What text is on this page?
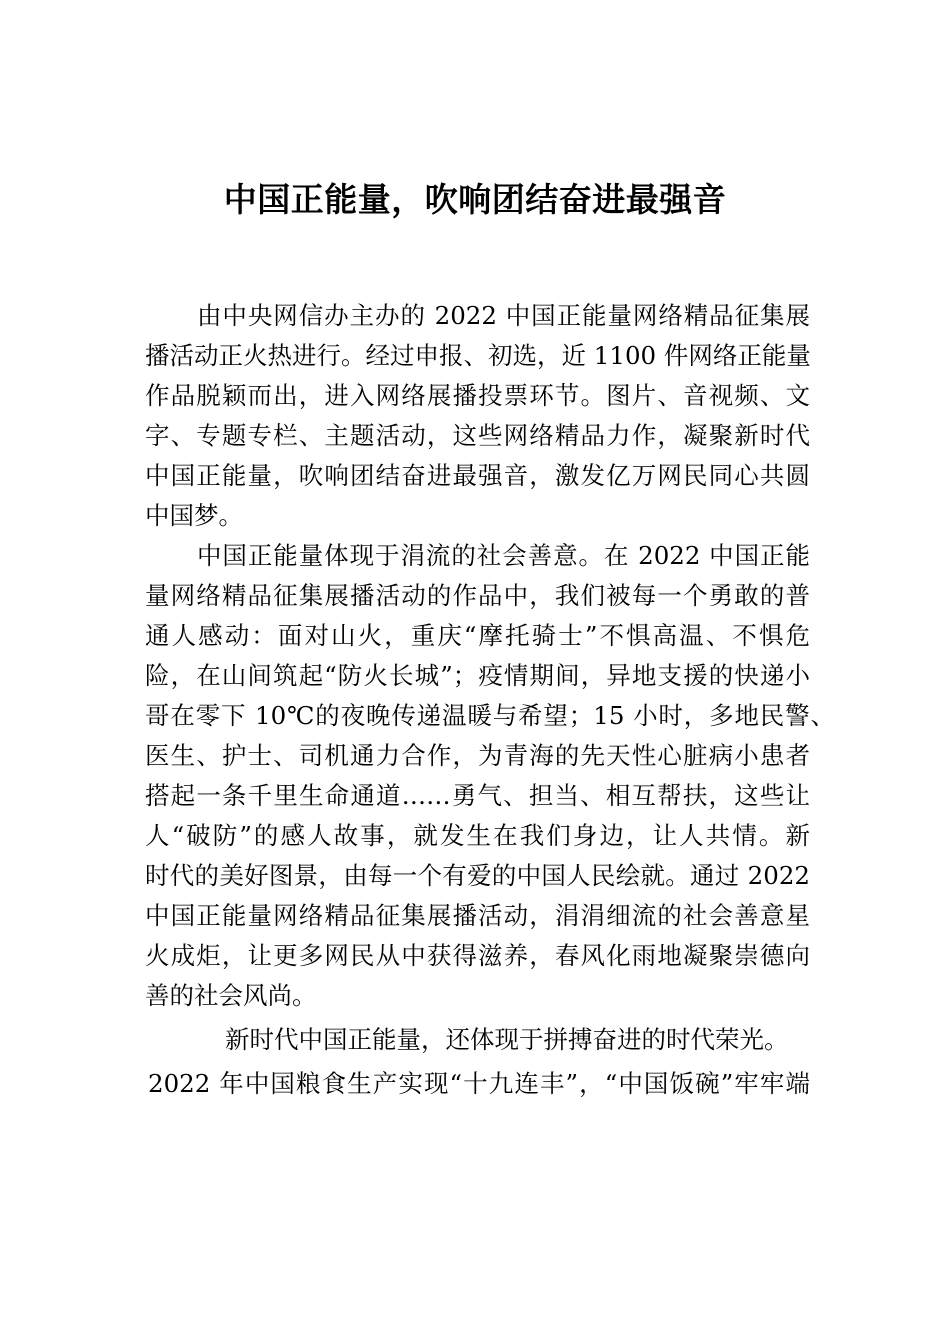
中国正能量，吹响团结奋进最强音
由中央网信办主办的 2022 中国正能量网络精品征集展
播活动正火热进行。经过申报、初选，近 1100 件网络正能量
作品脱颖而出，进入网络展播投票环节。图片、音视频、文
字、专题专栏、主题活动，这些网络精品力作，凝聚新时代
中国正能量，吹响团结奋进最强音，激发亿万网民同心共圆
中国梦。
中国正能量体现于涓流的社会善意。在 2022 中国正能
量网络精品征集展播活动的作品中，我们被每一个勇敢的普
通人感动：面对山火，重庆“摩托骑士”不惧高温、不惧危
险，在山间筑起“防火长城”；疫情期间，异地支援的快递小
哥在零下 10℃的夜晚传递温暖与希望；15 小时，多地民警、
医生、护士、司机通力合作，为青海的先天性心脏病小患者
搭起一条千里生命通道……勇气、担当、相互帮扶，这些让
人“破防”的感人故事，就发生在我们身边，让人共情。新
时代的美好图景，由每一个有爱的中国人民绘就。通过 2022
中国正能量网络精品征集展播活动，涓涓细流的社会善意星
火成炬，让更多网民从中获得滋养，春风化雨地凝聚崇德向
善的社会风尚。
新时代中国正能量，还体现于拼搏奋进的时代荣光。
2022 年中国粮食生产实现“十九连丰”，“中国饭碗”牢牢端
